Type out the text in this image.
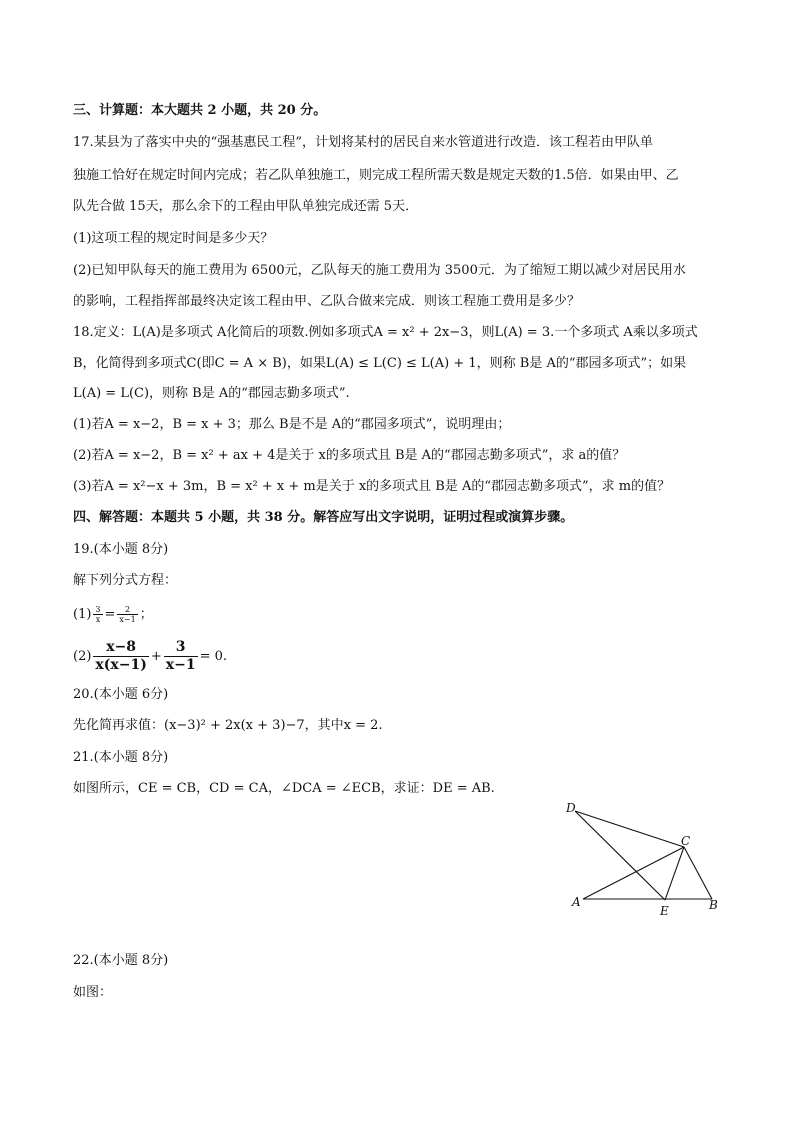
三、计算题：本大题共 2 小题，共 20 分。
17.某县为了落实中央的“强基惠民工程”，计划将某村的居民自来水管道进行改造．该工程若由甲队单
独施工恰好在规定时间内完成；若乙队单独施工，则完成工程所需天数是规定天数的1.5倍．如果由甲、乙
队先合做 15天，那么余下的工程由甲队单独完成还需 5天．
(1)这项工程的规定时间是多少天？
(2)已知甲队每天的施工费用为 6500元，乙队每天的施工费用为 3500元．为了缩短工期以减少对居民用水
的影响，工程指挥部最终决定该工程由甲、乙队合做来完成．则该工程施工费用是多少？
18.定义：L(A)是多项式 A化简后的项数.例如多项式A = x² + 2x−3，则L(A) = 3.一个多项式 A乘以多项式
B，化简得到多项式C(即C = A × B)，如果L(A) ≤ L(C) ≤ L(A) + 1，则称 B是 A的“郡园多项式”；如果
L(A) = L(C)，则称 B是 A的“郡园志勤多项式”.
(1)若A = x−2，B = x + 3；那么 B是不是 A的“郡园多项式”，说明理由；
(2)若A = x−2，B = x² + ax + 4是关于 x的多项式且 B是 A的“郡园志勤多项式”，求 a的值？
(3)若A = x²−x + 3m，B = x² + x + m是关于 x的多项式且 B是 A的“郡园志勤多项式”，求 m的值？
四、解答题：本题共 5 小题，共 38 分。解答应写出文字说明，证明过程或演算步骤。
19.(本小题 8分)
解下列分式方程：
$(1) \frac{3}{x} = \frac{2}{x-1}$ ；
$(2) \frac{x-8}{x(x-1)} + \frac{3}{x-1} = 0$.
20.(本小题 6分)
先化简再求值：(x−3)² + 2x(x + 3)−7，其中x = 2.
21.(本小题 8分)
如图所示，CE = CB，CD = CA，∠DCA = ∠ECB，求证：DE = AB.
D
C
A
E	B
22.(本小题 8分)
如图：
